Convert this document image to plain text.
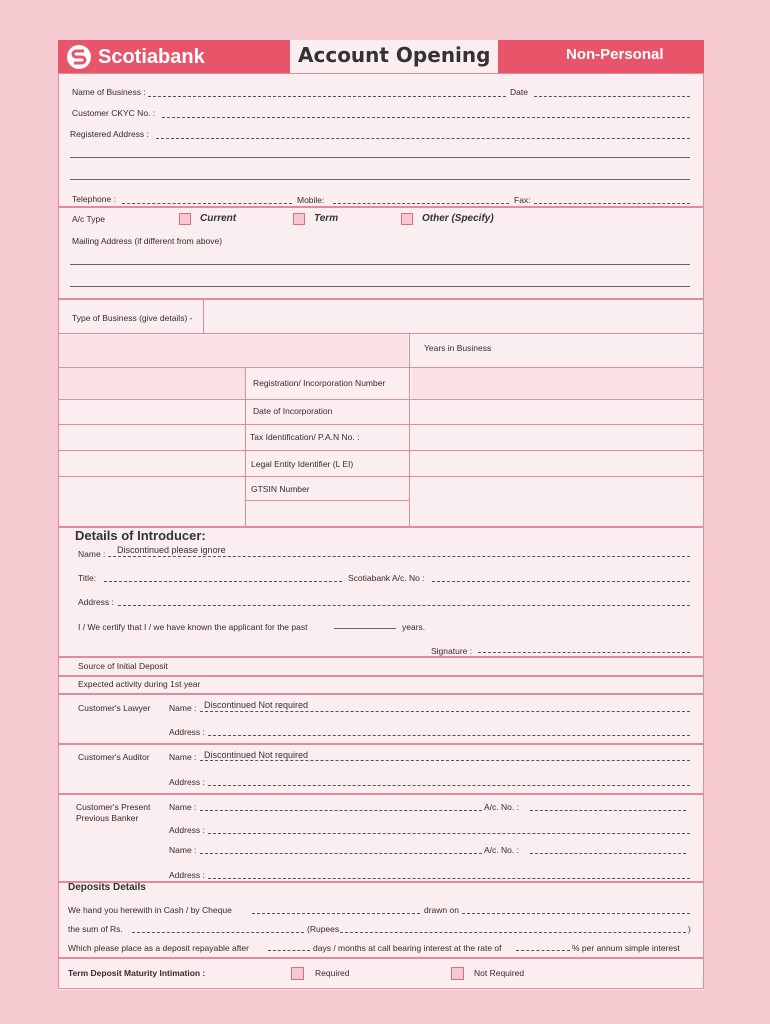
Scotiabank	Account Opening	Non-Personal
Name of Business :	Date
Customer CKYC No. :
Registered Address :
Telephone :	Mobile:	Fax:
A/c Type	Current	Term	Other (Specify)
Mailing Address (if different from above)
Type of Business (give details) -
Years in Business
Registration/ Incorporation Number
Date of Incorporation
Tax Identification/ P.A.N No. :
Legal Entity Identifier (L EI)
GTSIN Number
Details of Introducer:
Name : Discontinued please ignore
Title:	Scotiabank A/c. No :
Address :
I / We certify that I / we have known the applicant for the past	years.
Signature :
Source of Initial Deposit
Expected activity during 1st year
Customer's Lawyer Name : Discontinued Not required
Address :
Customer's Auditor Name : Discontinued Not required
Address :
Customer's Present
Previous Banker
Name :	A/c. No. :
Address :
Name :	A/c. No. :
Address :
Deposits Details
We hand you herewith in Cash / by Cheque	drawn on
the sum of Rs.	(Rupees	)
Which please place as a deposit repayable after	days / months at call bearing interest at the rate of	% per annum simple interest
Term Deposit Maturity Intimation :	Required	Not Required
